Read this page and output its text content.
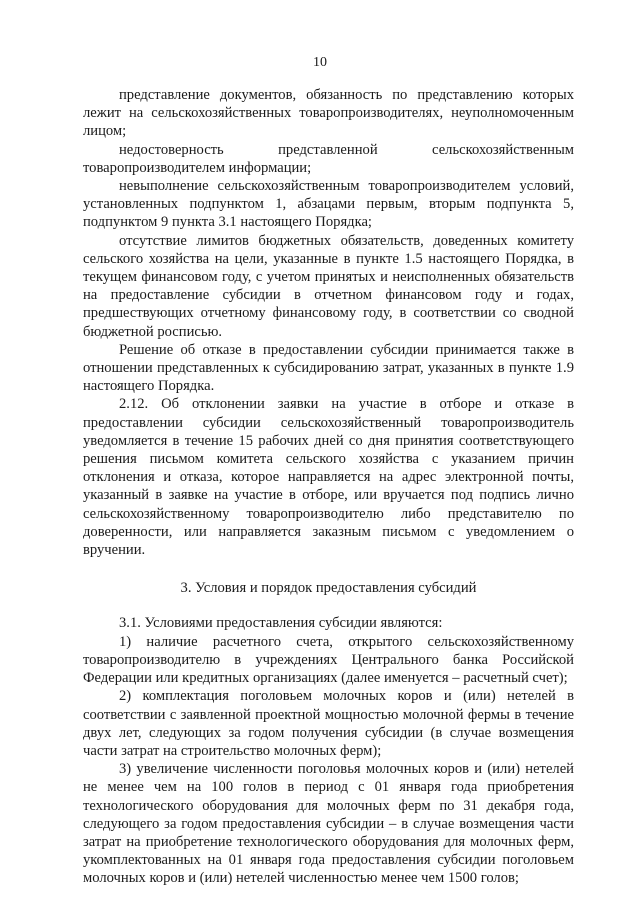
10

представление документов, обязанность по представлению которых лежит на сельскохозяйственных товаропроизводителях, неуполномоченным лицом;

недостоверность представленной сельскохозяйственным товаропроизводителем информации;

невыполнение сельскохозяйственным товаропроизводителем условий, установленных подпунктом 1, абзацами первым, вторым подпункта 5, подпунктом 9 пункта 3.1 настоящего Порядка;

отсутствие лимитов бюджетных обязательств, доведенных комитету сельского хозяйства на цели, указанные в пункте 1.5 настоящего Порядка, в текущем финансовом году, с учетом принятых и неисполненных обязательств на предоставление субсидии в отчетном финансовом году и годах, предшествующих отчетному финансовому году, в соответствии со сводной бюджетной росписью.

Решение об отказе в предоставлении субсидии принимается также в отношении представленных к субсидированию затрат, указанных в пункте 1.9 настоящего Порядка.

2.12. Об отклонении заявки на участие в отборе и отказе в предоставлении субсидии сельскохозяйственный товаропроизводитель уведомляется в течение 15 рабочих дней со дня принятия соответствующего решения письмом комитета сельского хозяйства с указанием причин отклонения и отказа, которое направляется на адрес электронной почты, указанный в заявке на участие в отборе, или вручается под подпись лично сельскохозяйственному товаропроизводителю либо представителю по доверенности, или направляется заказным письмом с уведомлением о вручении.

3. Условия и порядок предоставления субсидий

3.1. Условиями предоставления субсидии являются:

1) наличие расчетного счета, открытого сельскохозяйственному товаропроизводителю в учреждениях Центрального банка Российской Федерации или кредитных организациях (далее именуется – расчетный счет);

2) комплектация поголовьем молочных коров и (или) нетелей в соответствии с заявленной проектной мощностью молочной фермы в течение двух лет, следующих за годом получения субсидии (в случае возмещения части затрат на строительство молочных ферм);

3) увеличение численности поголовья молочных коров и (или) нетелей не менее чем на 100 голов в период с 01 января года приобретения технологического оборудования для молочных ферм по 31 декабря года, следующего за годом предоставления субсидии – в случае возмещения части затрат на приобретение технологического оборудования для молочных ферм, укомплектованных на 01 января года предоставления субсидии поголовьем молочных коров и (или) нетелей численностью менее чем 1500 голов;
